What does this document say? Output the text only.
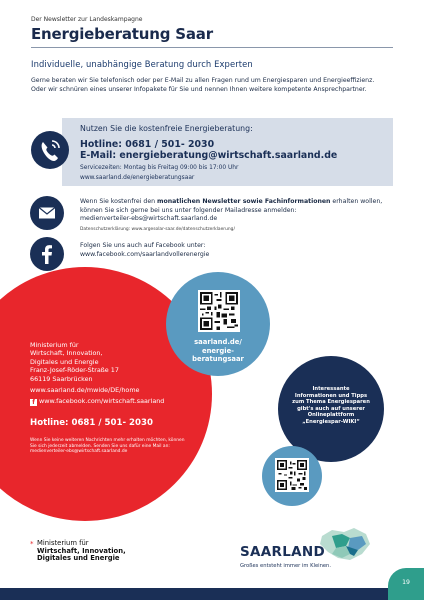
Der Newsletter zur Landeskampagne
Energieberatung Saar
Individuelle, unabhängige Beratung durch Experten
Gerne beraten wir Sie telefonisch oder per E-Mail zu allen Fragen rund um Energiesparen und Energieeffizienz. Oder wir schnüren eines unserer Infopakete für Sie und nennen Ihnen weitere kompetente Ansprechpartner.
Nutzen Sie die kostenfreie Energieberatung:
Hotline: 0681 / 501- 2030
E-Mail: energieberatung@wirtschaft.saarland.de
Servicezeiten: Montag bis Freitag 09:00 bis 17:00 Uhr
www.saarland.de/energieberatungsaar
Wenn Sie kostenfrei den monatlichen Newsletter sowie Fachinformationen erhalten wollen, können Sie sich gerne bei uns unter folgender Mailadresse anmelden:
medienverteiler-ebs@wirtschaft.saarland.de
Datenschutzerklärung: www.argesolar-saar.de/datenschutzerklaerung/
Folgen Sie uns auch auf Facebook unter:
www.facebook.com/saarlandvollerenergie
Ministerium für
Wirtschaft, Innovation,
Digitales und Energie
Franz-Josef-Röder-Straße 17
66119 Saarbrücken
www.saarland.de/mwide/DE/home
f www.facebook.com/wirtschaft.saarland
Hotline: 0681 / 501- 2030
Wenn Sie keine weiteren Nachrichten mehr erhalten möchten, können Sie sich jederzeit abmelden. Senden Sie uns dafür eine Mail an: medienverteiler-ebs@wirtschaft.saarland.de
saarland.de/
energie-
beratungsaar
Interessante
Informationen und Tipps
zum Thema Energiesparen
gibt's auch auf unserer
Onlineplattform
„Energiespar-WIKI“
* Ministerium für
Wirtschaft, Innovation,
Digitales und Energie	SAARLAND
Großes entsteht immer im Kleinen.
19
